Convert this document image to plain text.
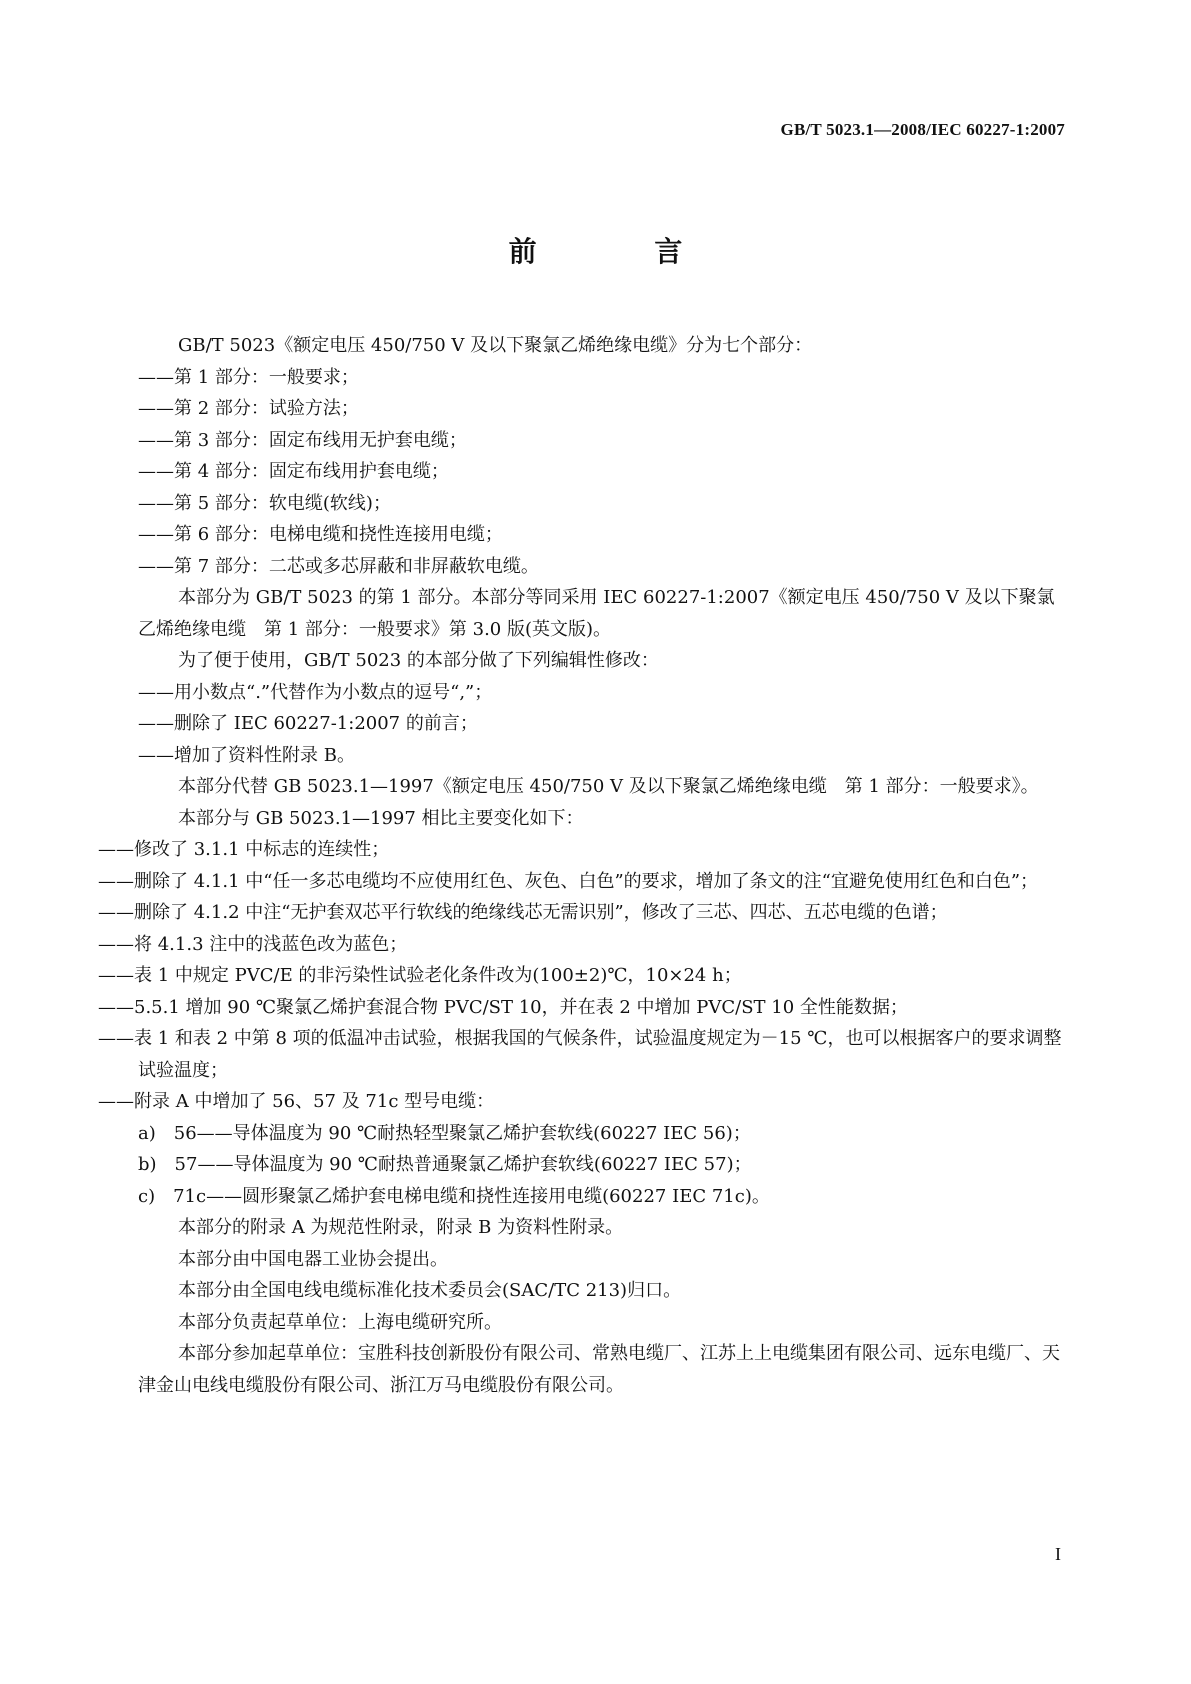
GB/T 5023.1—2008/IEC 60227-1:2007
前 言

GB/T 5023《额定电压 450/750 V 及以下聚氯乙烯绝缘电缆》分为七个部分：

——第 1 部分：一般要求；

——第 2 部分：试验方法；

——第 3 部分：固定布线用无护套电缆；

——第 4 部分：固定布线用护套电缆；

——第 5 部分：软电缆(软线)；

——第 6 部分：电梯电缆和挠性连接用电缆；

——第 7 部分：二芯或多芯屏蔽和非屏蔽软电缆。

本部分为 GB/T 5023 的第 1 部分。本部分等同采用 IEC 60227-1:2007《额定电压 450/750 V 及以下聚氯乙烯绝缘电缆　第 1 部分：一般要求》第 3.0 版(英文版)。

为了便于使用，GB/T 5023 的本部分做了下列编辑性修改：

——用小数点“.”代替作为小数点的逗号“,”；

——删除了 IEC 60227-1:2007 的前言；

——增加了资料性附录 B。

本部分代替 GB 5023.1—1997《额定电压 450/750 V 及以下聚氯乙烯绝缘电缆　第 1 部分：一般要求》。

本部分与 GB 5023.1—1997 相比主要变化如下：

——修改了 3.1.1 中标志的连续性；

——删除了 4.1.1 中“任一多芯电缆均不应使用红色、灰色、白色”的要求，增加了条文的注“宜避免使用红色和白色”；

——删除了 4.1.2 中注“无护套双芯平行软线的绝缘线芯无需识别”，修改了三芯、四芯、五芯电缆的色谱；

——将 4.1.3 注中的浅蓝色改为蓝色；

——表 1 中规定 PVC/E 的非污染性试验老化条件改为(100±2)℃，10×24 h；

——5.5.1 增加 90 ℃聚氯乙烯护套混合物 PVC/ST 10，并在表 2 中增加 PVC/ST 10 全性能数据；

——表 1 和表 2 中第 8 项的低温冲击试验，根据我国的气候条件，试验温度规定为－15 ℃，也可以根据客户的要求调整试验温度；

——附录 A 中增加了 56、57 及 71c 型号电缆：

a)　56——导体温度为 90 ℃耐热轻型聚氯乙烯护套软线(60227 IEC 56)；

b)　57——导体温度为 90 ℃耐热普通聚氯乙烯护套软线(60227 IEC 57)；

c)　71c——圆形聚氯乙烯护套电梯电缆和挠性连接用电缆(60227 IEC 71c)。

本部分的附录 A 为规范性附录，附录 B 为资料性附录。

本部分由中国电器工业协会提出。

本部分由全国电线电缆标准化技术委员会(SAC/TC 213)归口。

本部分负责起草单位：上海电缆研究所。

本部分参加起草单位：宝胜科技创新股份有限公司、常熟电缆厂、江苏上上电缆集团有限公司、远东电缆厂、天津金山电线电缆股份有限公司、浙江万马电缆股份有限公司。

I
